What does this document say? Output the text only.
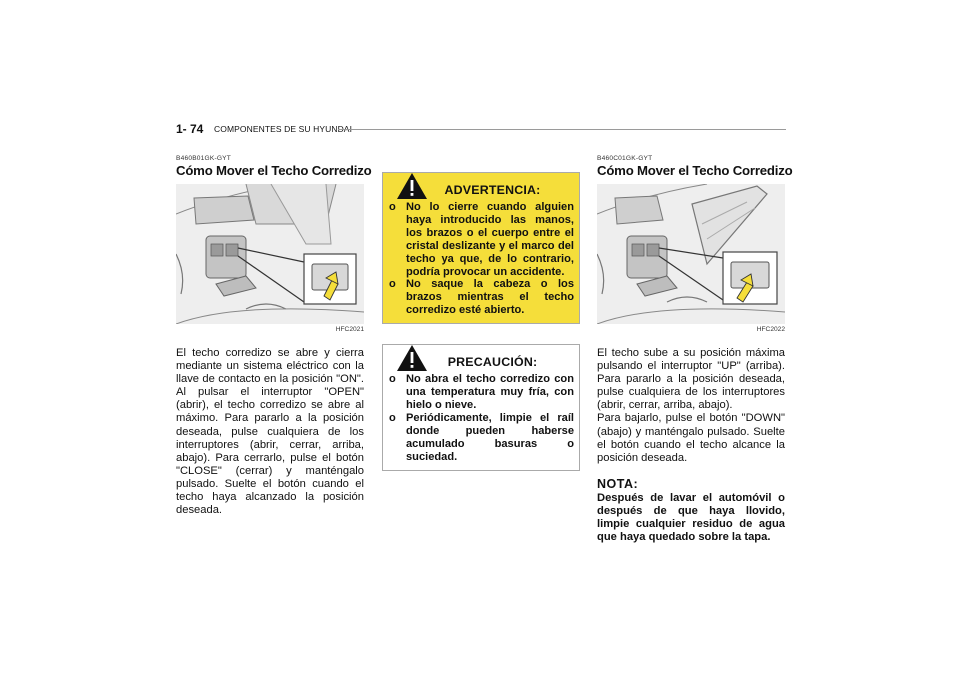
1- 74 COMPONENTES DE SU HYUNDAI
B460B01GK-GYT
Cómo Mover el Techo Corredizo
HFC2021
El techo corredizo se abre y cierra mediante un sistema eléctrico con la llave de contacto en la posición "ON". Al pulsar el interruptor "OPEN" (abrir), el techo corredizo se abre al máximo. Para pararlo a la posición deseada, pulse cualquiera de los interruptores (abrir, cerrar, arriba, abajo). Para cerrarlo, pulse el botón "CLOSE" (cerrar) y manténgalo pulsado. Suelte el botón cuando el techo haya alcanzado la posición deseada.
ADVERTENCIA:
o No lo cierre cuando alguien haya introducido las manos, los brazos o el cuerpo entre el cristal deslizante y el marco del techo ya que, de lo contrario, podría provocar un accidente.
o No saque la cabeza o los brazos mientras el techo corredizo esté abierto.
PRECAUCIÓN:
o No abra el techo corredizo con una temperatura muy fría, con hielo o nieve.
o Periódicamente, limpie el raíl donde pueden haberse acumulado basuras o suciedad.
B460C01GK-GYT
Cómo Mover el Techo Corredizo
HFC2022

El techo sube a su posición máxima pulsando el interruptor "UP" (arriba). Para pararlo a la posición deseada, pulse cualquiera de los interruptores (abrir, cerrar, arriba, abajo).

Para bajarlo, pulse el botón "DOWN" (abajo) y manténgalo pulsado. Suelte el botón cuando el techo alcance la posición deseada.

NOTA:
Después de lavar el automóvil o después de que haya llovido, limpie cualquier residuo de agua que haya quedado sobre la tapa.
